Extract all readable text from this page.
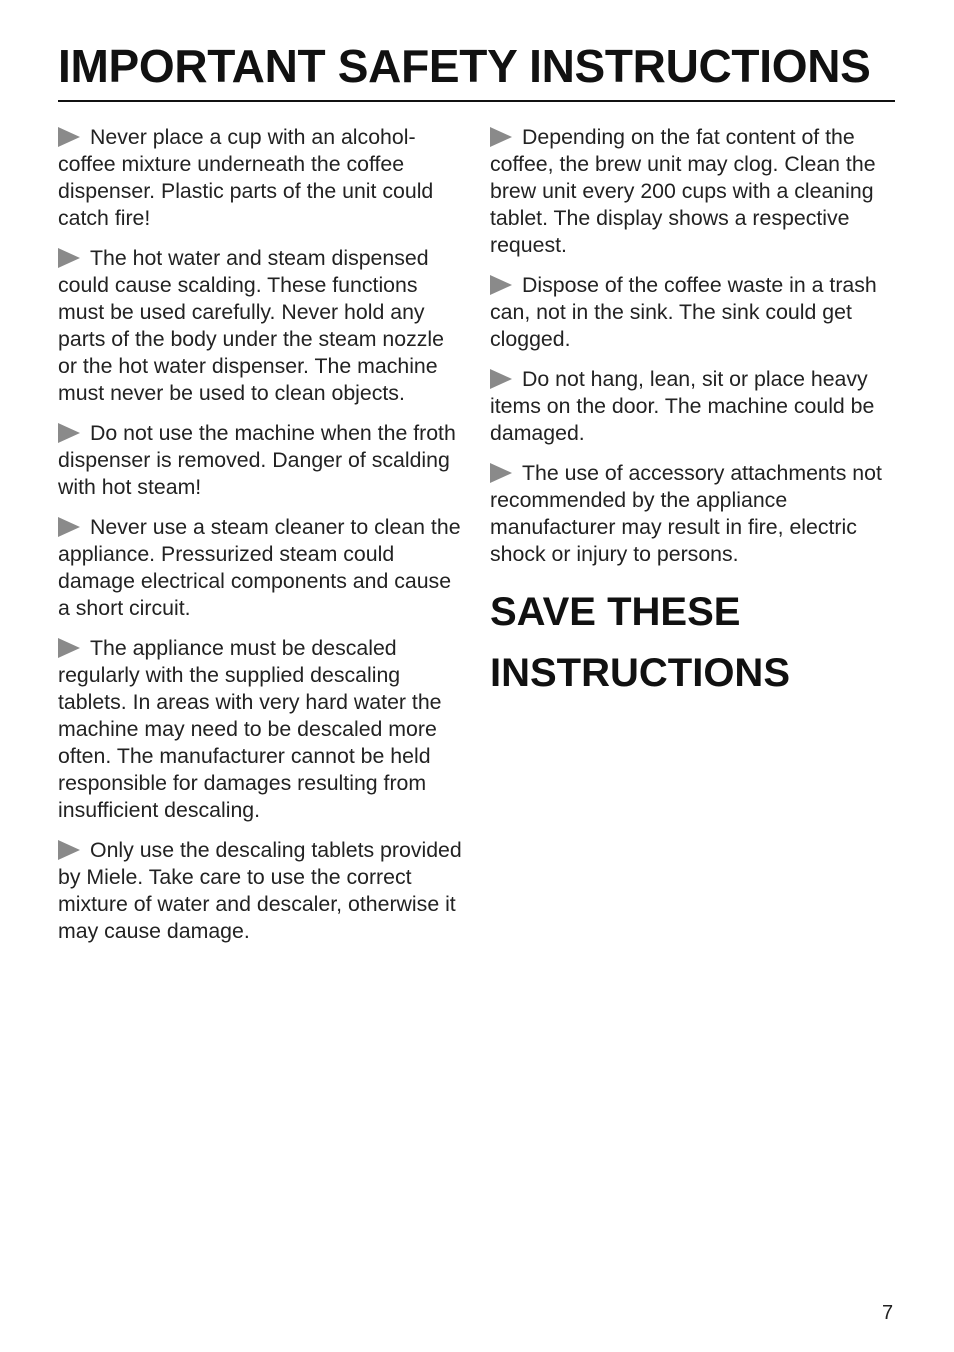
IMPORTANT SAFETY INSTRUCTIONS

Never place a cup with an alcohol-coffee mixture underneath the coffee dispenser. Plastic parts of the unit could catch fire!

The hot water and steam dispensed could cause scalding. These functions must be used carefully. Never hold any parts of the body under the steam nozzle or the hot water dispenser. The machine must never be used to clean objects.

Do not use the machine when the froth dispenser is removed. Danger of scalding with hot steam!

Never use a steam cleaner to clean the appliance. Pressurized steam could damage electrical components and cause a short circuit.

The appliance must be descaled regularly with the supplied descaling tablets. In areas with very hard water the machine may need to be descaled more often. The manufacturer cannot be held responsible for damages resulting from insufficient descaling.

Only use the descaling tablets provided by Miele. Take care to use the correct mixture of water and descaler, otherwise it may cause damage.

Depending on the fat content of the coffee, the brew unit may clog. Clean the brew unit every 200 cups with a cleaning tablet. The display shows a respective request.

Dispose of the coffee waste in a trash can, not in the sink. The sink could get clogged.

Do not hang, lean, sit or place heavy items on the door. The machine could be damaged.

The use of accessory attachments not recommended by the appliance manufacturer may result in fire, electric shock or injury to persons.

SAVE THESE
INSTRUCTIONS
7
